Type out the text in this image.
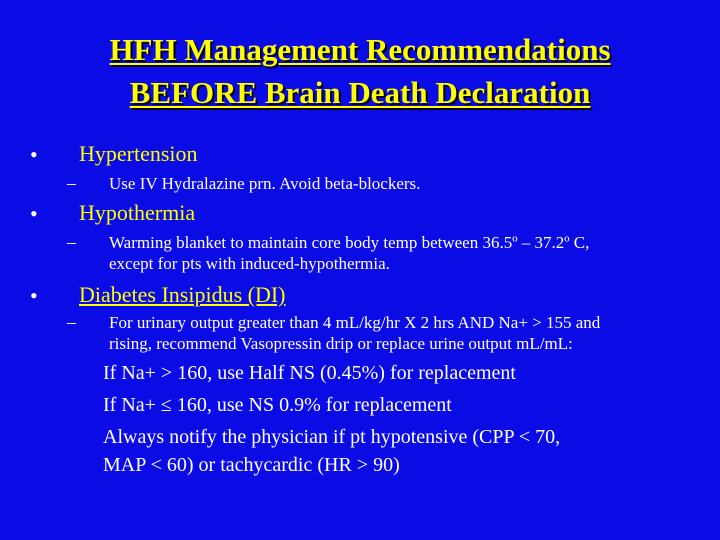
HFH Management Recommendations
BEFORE Brain Death Declaration
• Hypertension
– Use IV Hydralazine prn. Avoid beta-blockers.
• Hypothermia
– Warming blanket to maintain core body temp between 36.5º – 37.2º C,
except for pts with induced-hypothermia.
• Diabetes Insipidus (DI)
– For urinary output greater than 4 mL/kg/hr X 2 hrs AND Na+ > 155 and
rising, recommend Vasopressin drip or replace urine output mL/mL:
If Na+ > 160, use Half NS (0.45%) for replacement
If Na+ ≤ 160, use NS 0.9% for replacement
Always notify the physician if pt hypotensive (CPP < 70,
MAP < 60) or tachycardic (HR > 90)
